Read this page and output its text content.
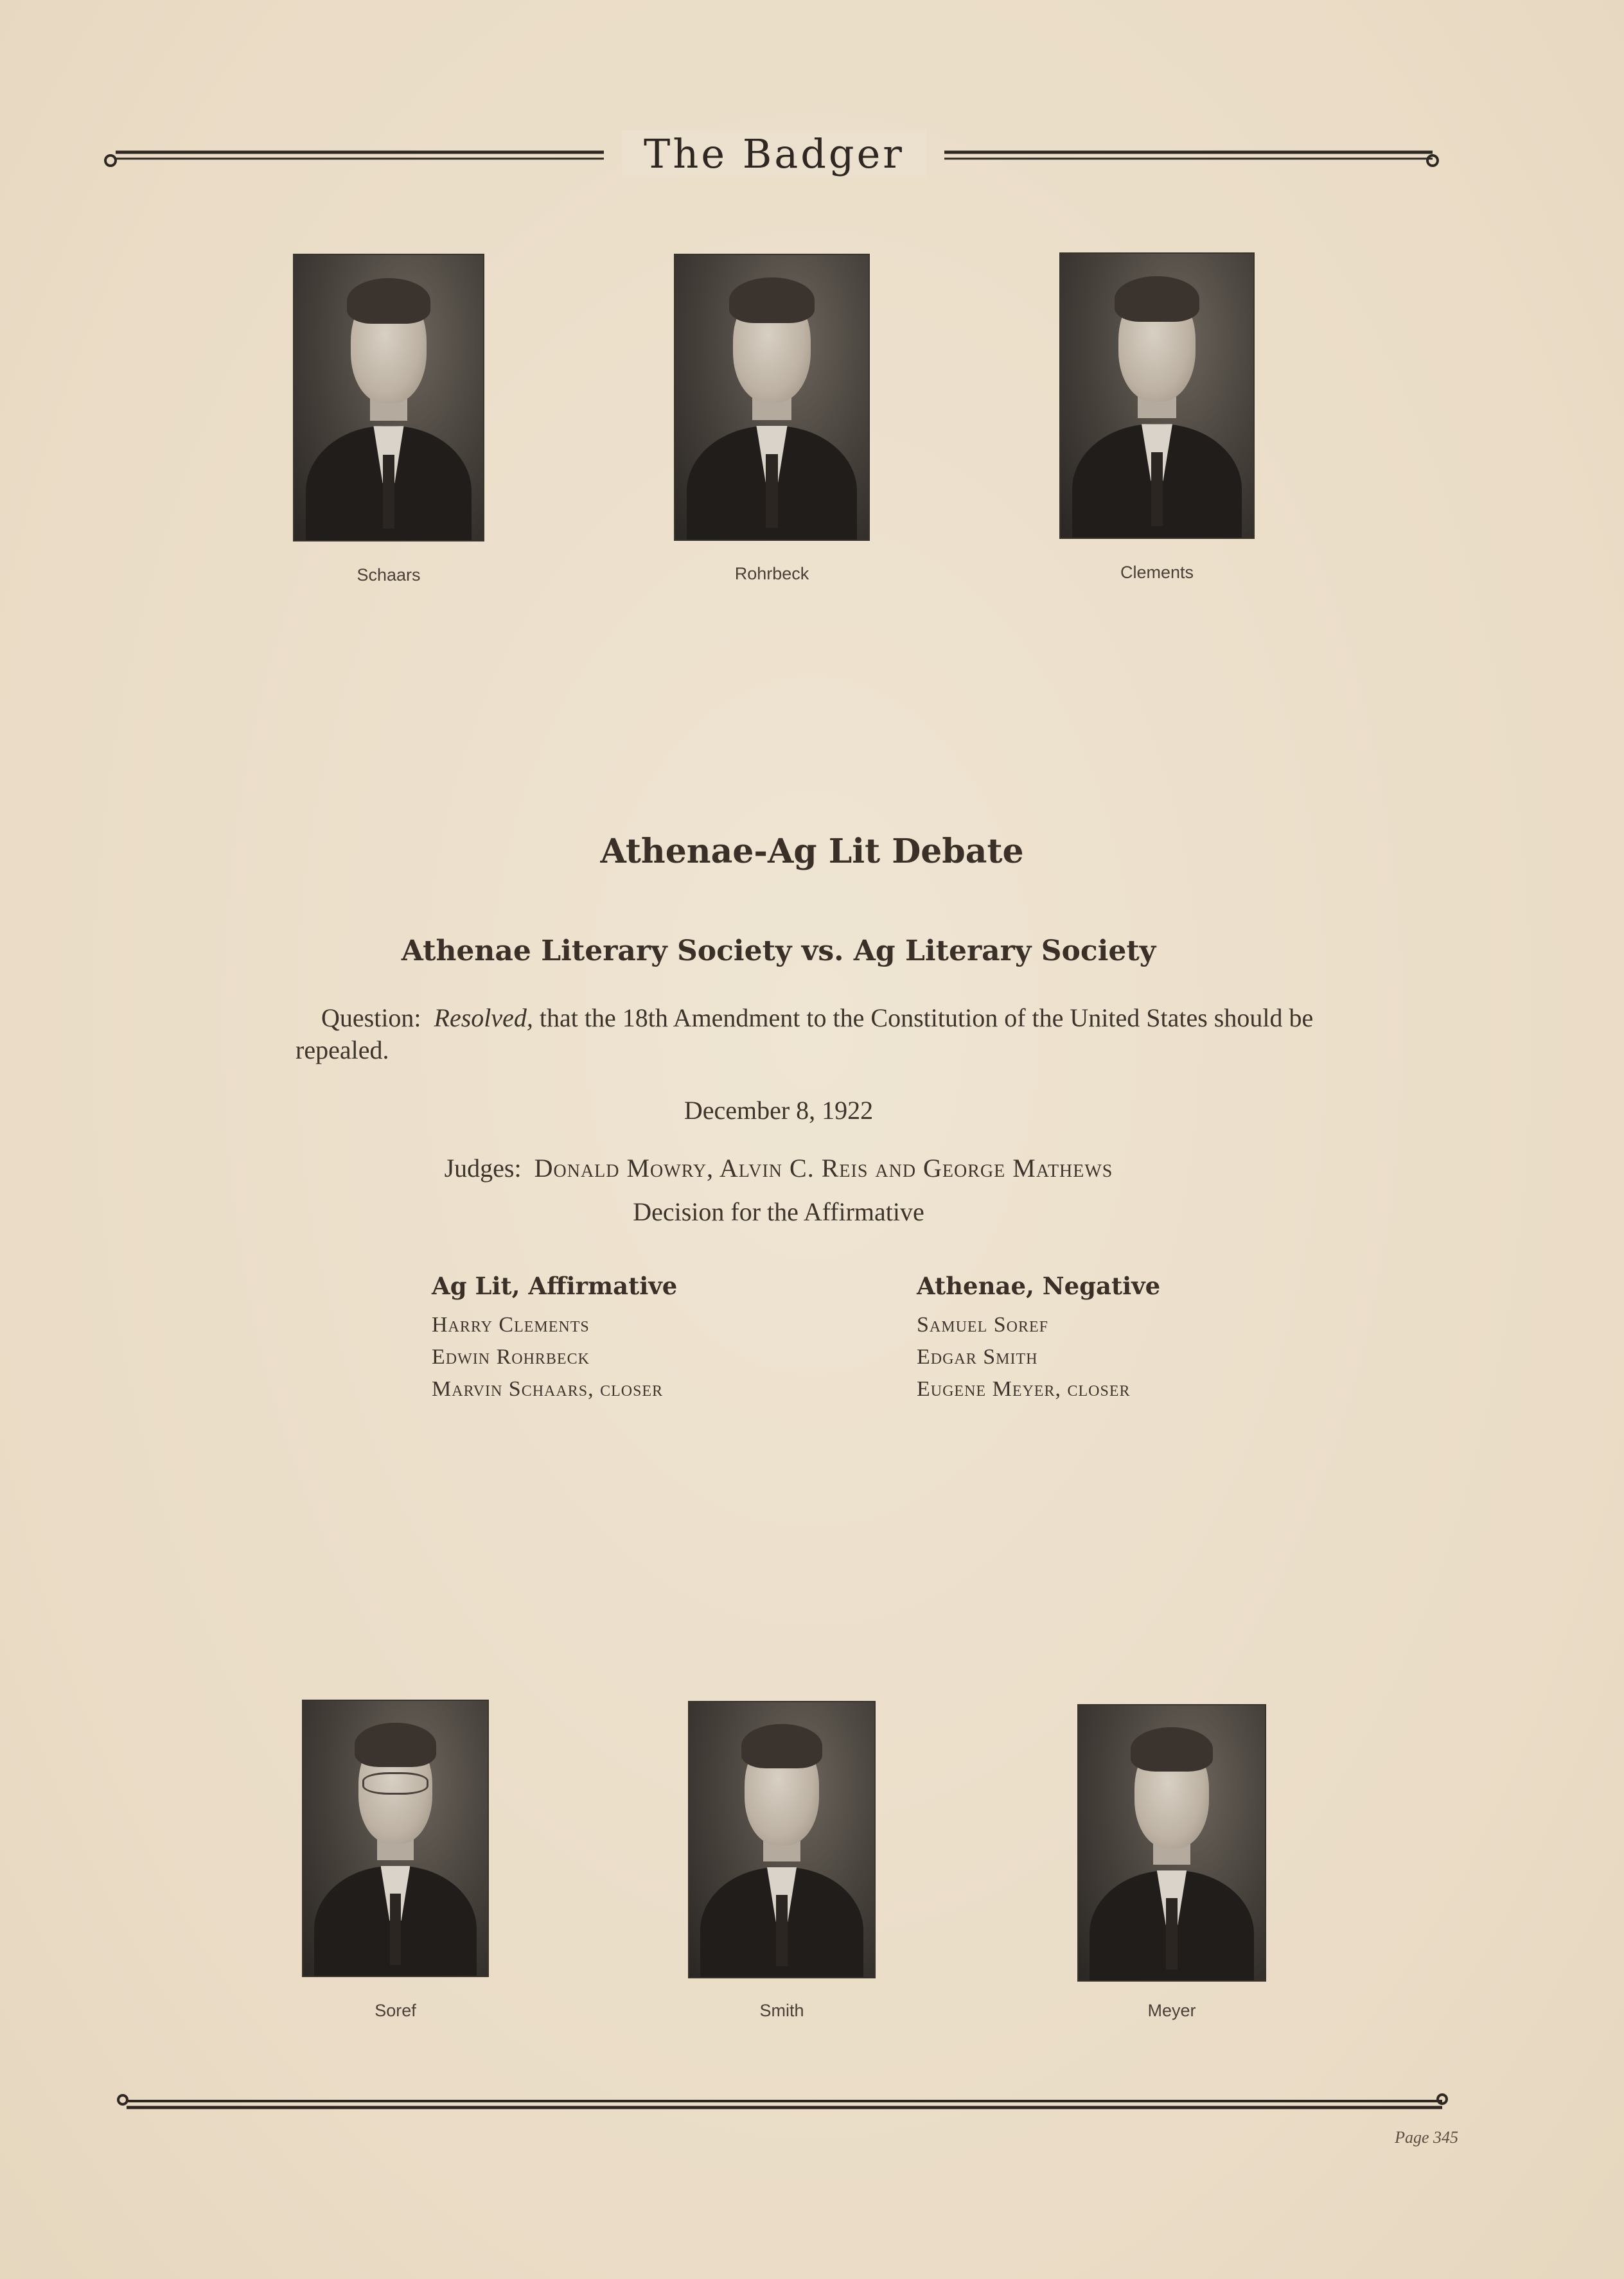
The Badger
Schaars	Rohrbeck	Clements
Athenae-Ag Lit Debate
Athenae Literary Society vs. Ag Literary Society
Question: Resolved, that the 18th Amendment to the Constitution of the United States should be repealed.
December 8, 1922
Judges: Donald Mowry, Alvin C. Reis and George Mathews
Decision for the Affirmative
Ag Lit, Affirmative
Harry Clements
Edwin Rohrbeck
Marvin Schaars, closer
Athenae, Negative
Samuel Soref
Edgar Smith
Eugene Meyer, closer
Soref	Smith	Meyer
Page 345
